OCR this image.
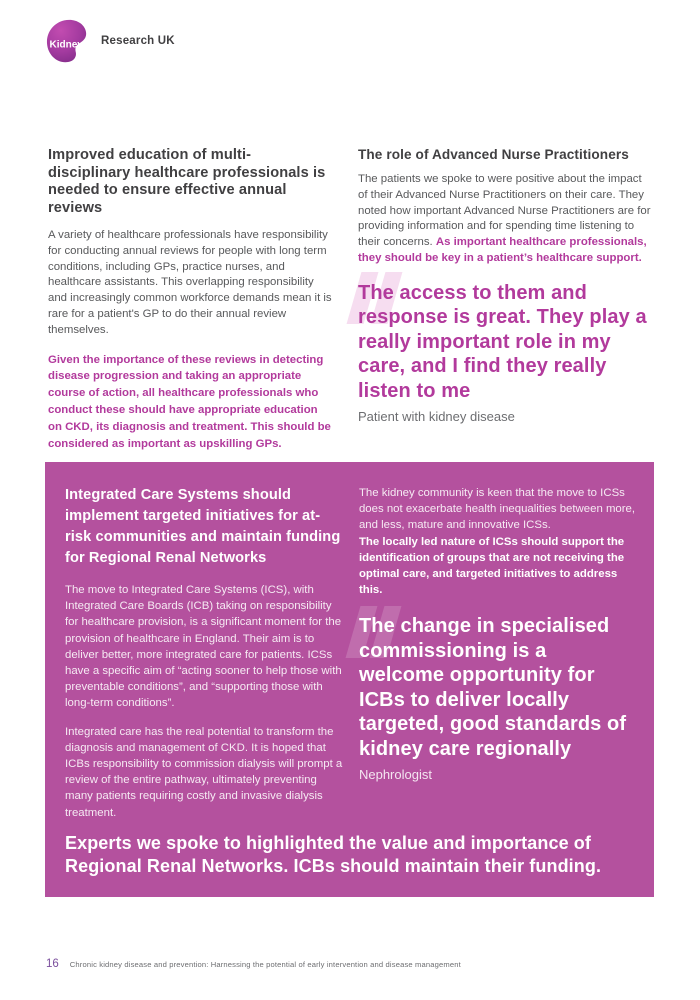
Kidney Research UK
Improved education of multi-disciplinary healthcare professionals is needed to ensure effective annual reviews

A variety of healthcare professionals have responsibility for conducting annual reviews for people with long term conditions, including GPs, practice nurses, and healthcare assistants. This overlapping responsibility and increasingly common workforce demands mean it is rare for a patient's GP to do their annual review themselves.

Given the importance of these reviews in detecting disease progression and taking an appropriate course of action, all healthcare professionals who conduct these should have appropriate education on CKD, its diagnosis and treatment. This should be considered as important as upskilling GPs.

The role of Advanced Nurse Practitioners

The patients we spoke to were positive about the impact of their Advanced Nurse Practitioners on their care. They noted how important Advanced Nurse Practitioners are for providing information and for spending time listening to their concerns. As important healthcare professionals, they should be key in a patient’s healthcare support.

The access to them and response is great. They play a really important role in my care, and I find they really listen to me
Patient with kidney disease
Integrated Care Systems should implement targeted initiatives for at-risk communities and maintain funding for Regional Renal Networks

The move to Integrated Care Systems (ICS), with Integrated Care Boards (ICB) taking on responsibility for healthcare provision, is a significant moment for the provision of healthcare in England. Their aim is to deliver better, more integrated care for patients. ICSs have a specific aim of “acting sooner to help those with preventable conditions”, and “supporting those with long-term conditions”.

Integrated care has the real potential to transform the diagnosis and management of CKD. It is hoped that ICBs responsibility to commission dialysis will prompt a review of the entire pathway, ultimately preventing many patients requiring costly and invasive dialysis treatment.

The kidney community is keen that the move to ICSs does not exacerbate health inequalities between more, and less, mature and innovative ICSs.
The locally led nature of ICSs should support the identification of groups that are not receiving the optimal care, and targeted initiatives to address this.

The change in specialised commissioning is a welcome opportunity for ICBs to deliver locally targeted, good standards of kidney care regionally
Nephrologist
Experts we spoke to highlighted the value and importance of Regional Renal Networks. ICBs should maintain their funding.
16 Chronic kidney disease and prevention: Harnessing the potential of early intervention and disease management
